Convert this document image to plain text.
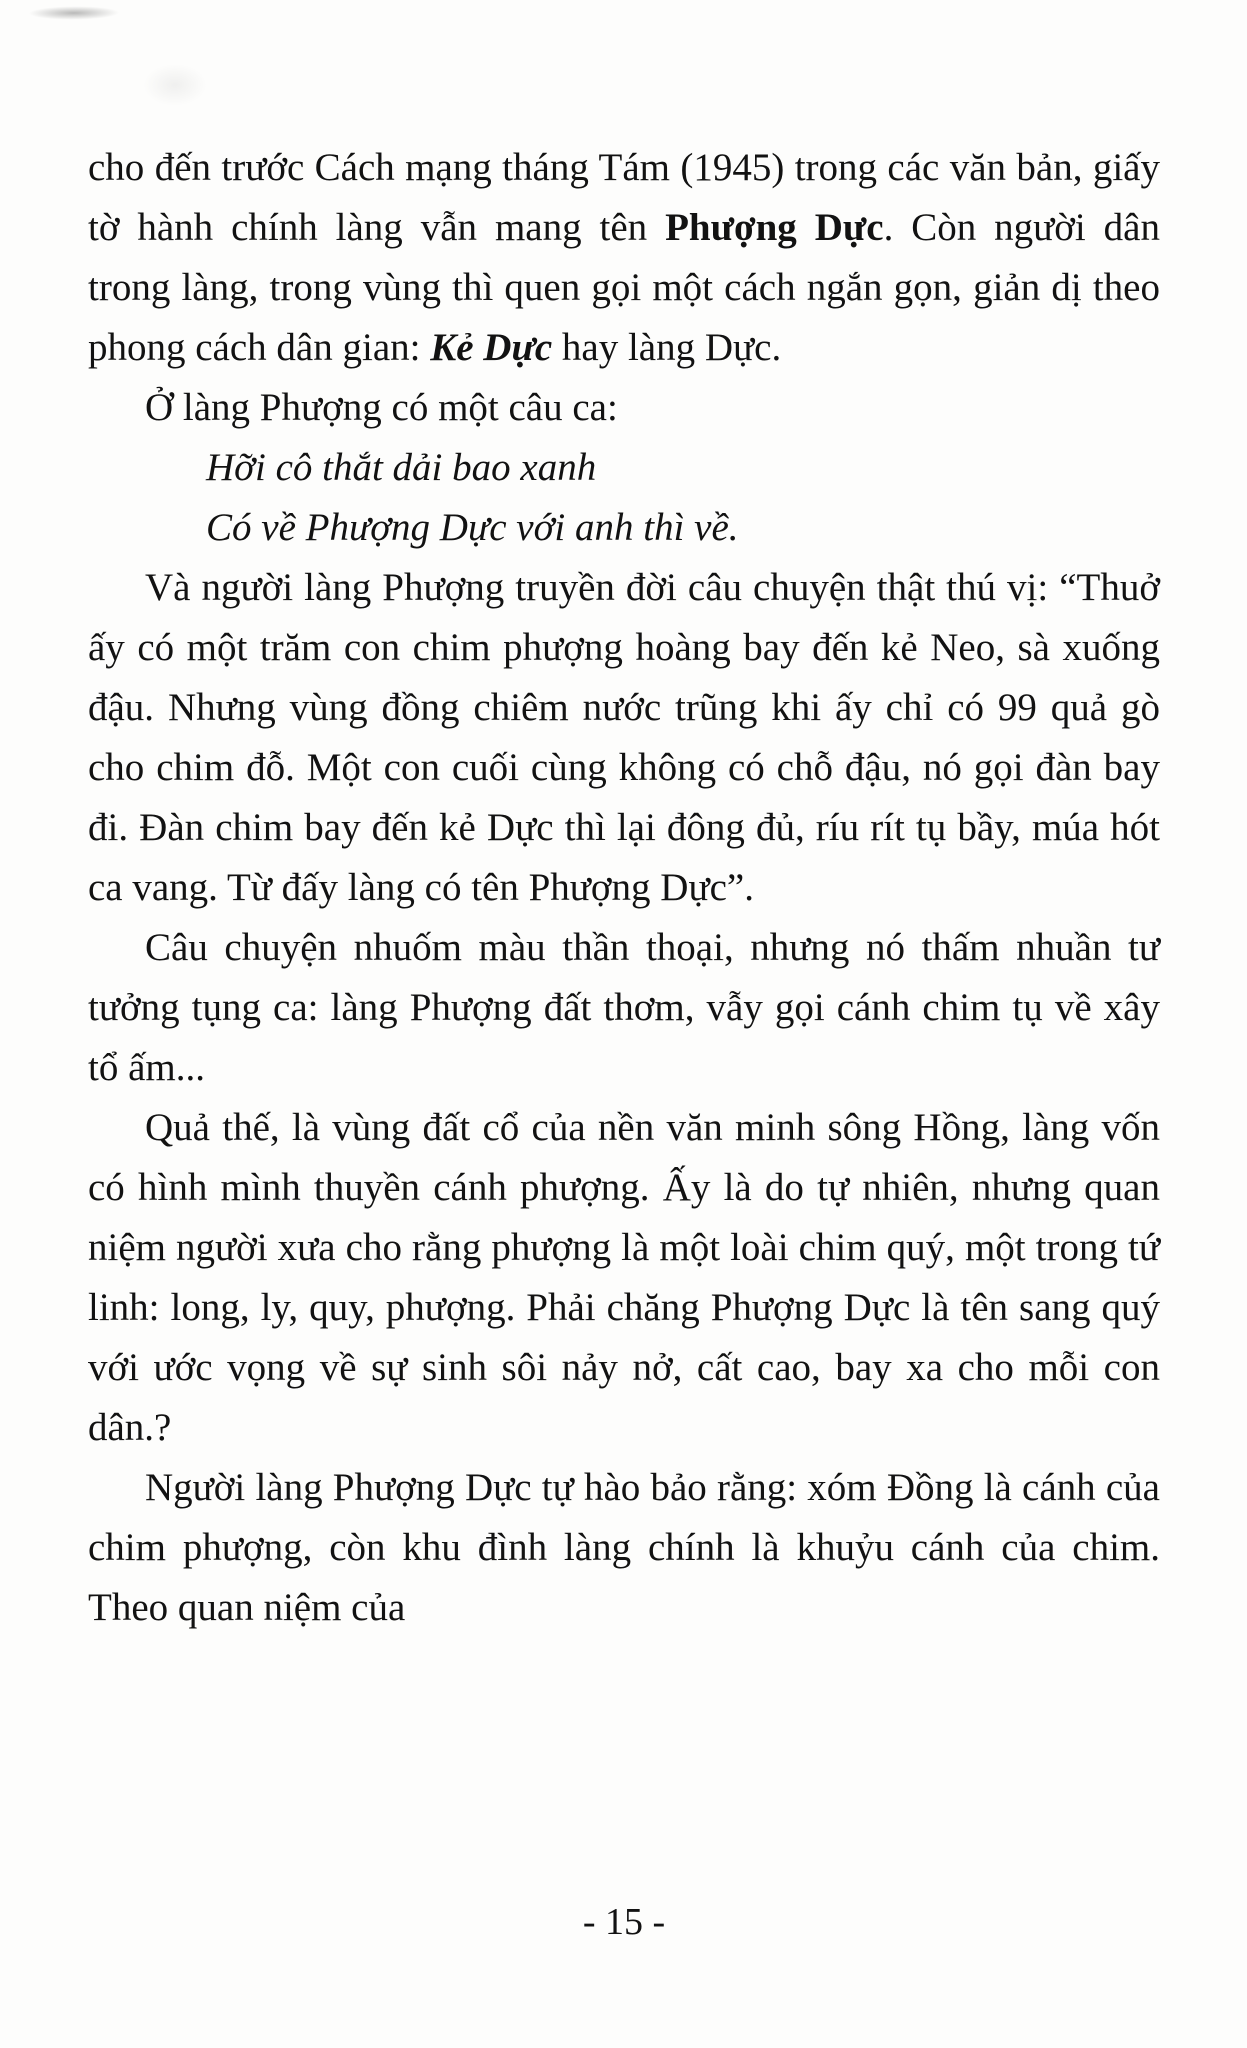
cho đến trước Cách mạng tháng Tám (1945) trong các văn bản, giấy tờ hành chính làng vẫn mang tên Phượng Dực. Còn người dân trong làng, trong vùng thì quen gọi một cách ngắn gọn, giản dị theo phong cách dân gian: Kẻ Dực hay làng Dực.

Ở làng Phượng có một câu ca:

Hỡi cô thắt dải bao xanh

Có về Phượng Dực với anh thì về.

Và người làng Phượng truyền đời câu chuyện thật thú vị: “Thuở ấy có một trăm con chim phượng hoàng bay đến kẻ Neo, sà xuống đậu. Nhưng vùng đồng chiêm nước trũng khi ấy chỉ có 99 quả gò cho chim đỗ. Một con cuối cùng không có chỗ đậu, nó gọi đàn bay đi. Đàn chim bay đến kẻ Dực thì lại đông đủ, ríu rít tụ bầy, múa hót ca vang. Từ đấy làng có tên Phượng Dực”.

Câu chuyện nhuốm màu thần thoại, nhưng nó thấm nhuần tư tưởng tụng ca: làng Phượng đất thơm, vẫy gọi cánh chim tụ về xây tổ ấm...

Quả thế, là vùng đất cổ của nền văn minh sông Hồng, làng vốn có hình mình thuyền cánh phượng. Ấy là do tự nhiên, nhưng quan niệm người xưa cho rằng phượng là một loài chim quý, một trong tứ linh: long, ly, quy, phượng. Phải chăng Phượng Dực là tên sang quý với ước vọng về sự sinh sôi nảy nở, cất cao, bay xa cho mỗi con dân.?

Người làng Phượng Dực tự hào bảo rằng: xóm Đồng là cánh của chim phượng, còn khu đình làng chính là khuỷu cánh của chim. Theo quan niệm của

- 15 -
